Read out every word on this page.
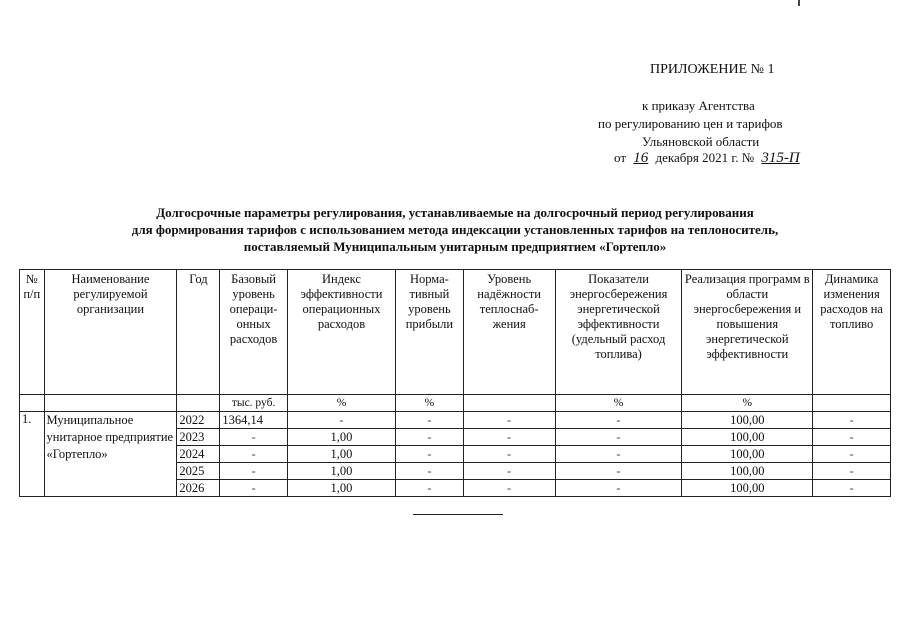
ПРИЛОЖЕНИЕ № 1
к приказу Агентства
по регулированию цен и тарифов
Ульяновской области
от 16 декабря 2021 г. № 315-П
Долгосрочные параметры регулирования, устанавливаемые на долгосрочный период регулирования
для формирования тарифов с использованием метода индексации установленных тарифов на теплоноситель,
поставляемый Муниципальным унитарным предприятием «Гортепло»
№ п/п	Наименование регулируемой организации	Год	Базовый уровень операци-онных расходов	Индекс эффективности операционных расходов	Норма-тивный уровень прибыли	Уровень надёжности теплоснаб-жения	Показатели энергосбережения энергетической эффективности (удельный расход топлива)	Реализация программ в области энергосбережения и повышения энергетической эффективности	Динамика изменения расходов на топливо
			тыс. руб.	%	%		%	%	
1.	Муниципальное унитарное предприятие «Гортепло»	2022	1364,14	-	-	-	-	100,00	-
		2023	-	1,00	-	-	-	100,00	-
		2024	-	1,00	-	-	-	100,00	-
		2025	-	1,00	-	-	-	100,00	-
		2026	-	1,00	-	-	-	100,00	-
